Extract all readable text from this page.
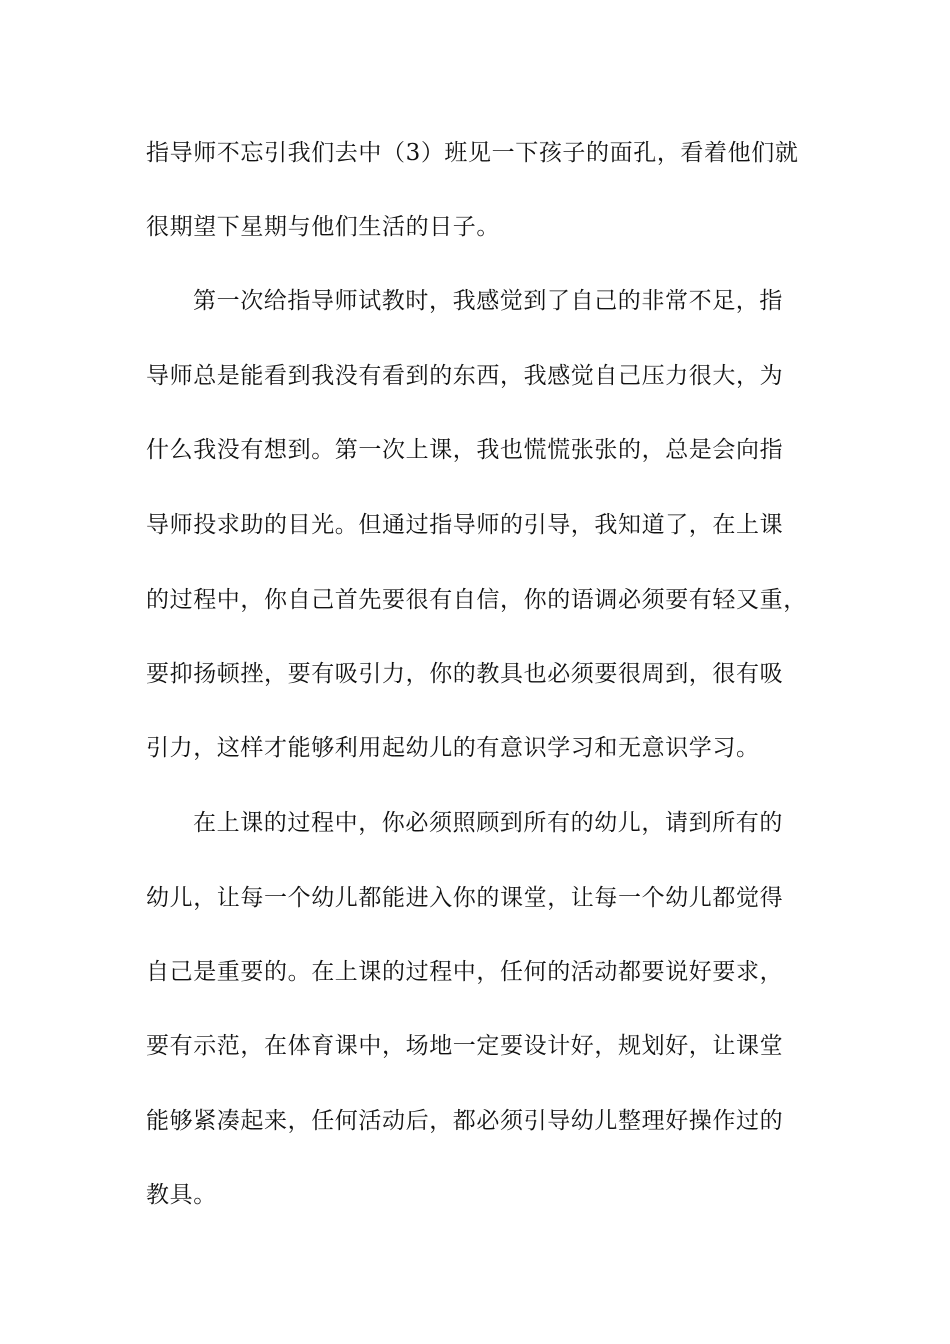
指导师不忘引我们去中（3）班见一下孩子的面孔，看着他们就
很期望下星期与他们生活的日子。
第一次给指导师试教时，我感觉到了自己的非常不足，指
导师总是能看到我没有看到的东西，我感觉自己压力很大，为
什么我没有想到。第一次上课，我也慌慌张张的，总是会向指
导师投求助的目光。但通过指导师的引导，我知道了，在上课
的过程中，你自己首先要很有自信，你的语调必须要有轻又重，
要抑扬顿挫，要有吸引力，你的教具也必须要很周到，很有吸
引力，这样才能够利用起幼儿的有意识学习和无意识学习。
在上课的过程中，你必须照顾到所有的幼儿，请到所有的
幼儿，让每一个幼儿都能进入你的课堂，让每一个幼儿都觉得
自己是重要的。在上课的过程中，任何的活动都要说好要求，
要有示范，在体育课中，场地一定要设计好，规划好，让课堂
能够紧凑起来，任何活动后，都必须引导幼儿整理好操作过的
教具。
